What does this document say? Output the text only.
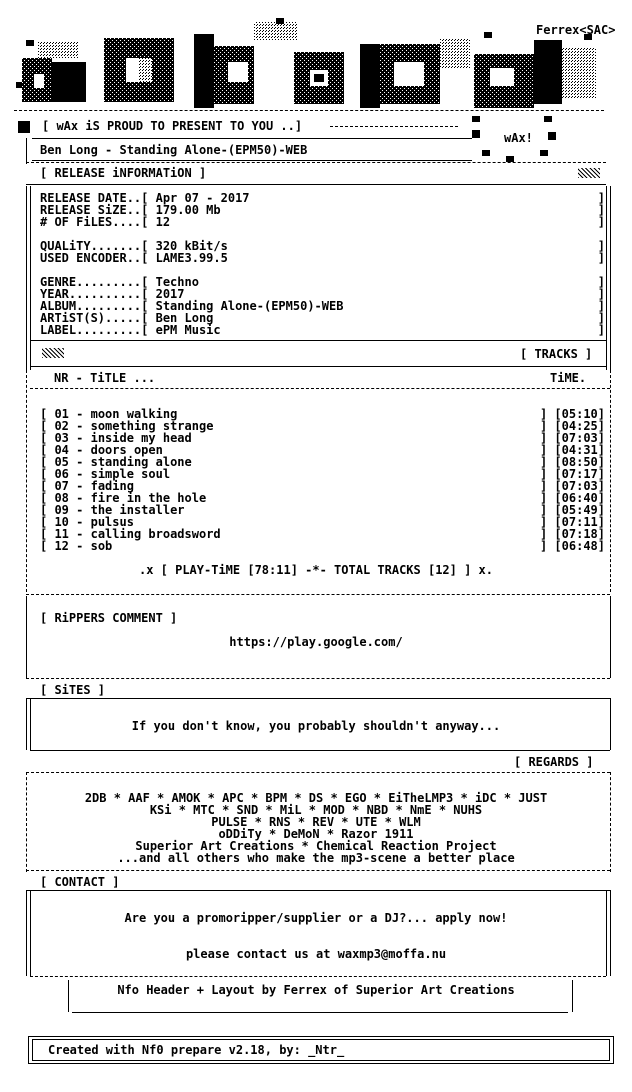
Ferrex<SAC>
[ wAx iS PROUD TO PRESENT TO YOU ..]
wAx!
Ben Long - Standing Alone-(EPM50)-WEB
[ RELEASE iNFORMATiON ]
RELEASE DATE..[ Apr 07 - 2017	]
RELEASE SiZE..[ 179.00 Mb	]
# OF FiLES....[ 12	]
QUALiTY.......[ 320 kBit/s	]
USED ENCODER..[ LAME3.99.5	]
GENRE.........[ Techno	]
YEAR..........[ 2017	]
ALBUM.........[ Standing Alone-(EPM50)-WEB	]
ARTiST(S).....[ Ben Long	]
LABEL.........[ ePM Music	]
[ TRACKS ]
NR - TiTLE ...	TiME.
[ 01 - moon walking	] [05:10]
[ 02 - something strange	] [04:25]
[ 03 - inside my head	] [07:03]
[ 04 - doors open	] [04:31]
[ 05 - standing alone	] [08:50]
[ 06 - simple soul	] [07:17]
[ 07 - fading	] [07:03]
[ 08 - fire in the hole	] [06:40]
[ 09 - the installer	] [05:49]
[ 10 - pulsus	] [07:11]
[ 11 - calling broadsword	] [07:18]
[ 12 - sob	] [06:48]
.x [ PLAY-TiME [78:11] -*- TOTAL TRACKS [12] ] x.
[ RiPPERS COMMENT ]
https://play.google.com/
[ SiTES ]
If you don't know, you probably shouldn't anyway...
[ REGARDS ]
2DB * AAF * AMOK * APC * BPM * DS * EGO * EiTheLMP3 * iDC * JUST
KSi * MTC * SND * MiL * MOD * NBD * NmE * NUHS
PULSE * RNS * REV * UTE * WLM
oDDiTy * DeMoN * Razor 1911
Superior Art Creations * Chemical Reaction Project
...and all others who make the mp3-scene a better place
[ CONTACT ]
Are you a promoripper/supplier or a DJ?... apply now!
please contact us at waxmp3@moffa.nu
Nfo Header + Layout by Ferrex of Superior Art Creations
Created with Nf0 prepare v2.18, by: _Ntr_
